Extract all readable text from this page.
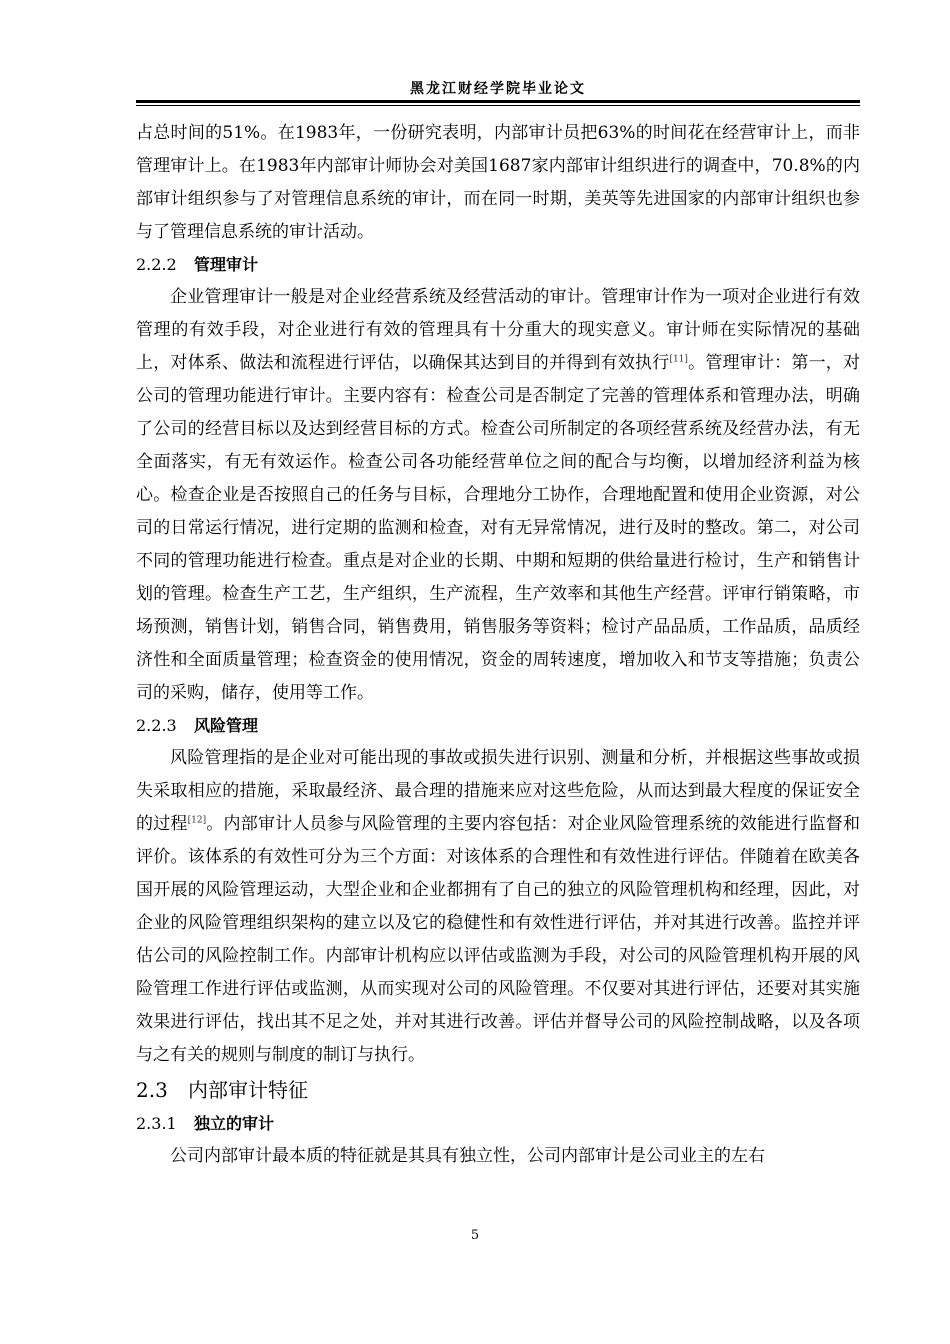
黑龙江财经学院毕业论文

占总时间的51%。在1983年，一份研究表明，内部审计员把63%的时间花在经营审计上，而非管理审计上。在1983年内部审计师协会对美国1687家内部审计组织进行的调查中，70.8%的内部审计组织参与了对管理信息系统的审计，而在同一时期，美英等先进国家的内部审计组织也参与了管理信息系统的审计活动。

2.2.2 管理审计

企业管理审计一般是对企业经营系统及经营活动的审计。管理审计作为一项对企业进行有效管理的有效手段，对企业进行有效的管理具有十分重大的现实意义。审计师在实际情况的基础上，对体系、做法和流程进行评估，以确保其达到目的并得到有效执行[11]。管理审计：第一，对公司的管理功能进行审计。主要内容有：检查公司是否制定了完善的管理体系和管理办法，明确了公司的经营目标以及达到经营目标的方式。检查公司所制定的各项经营系统及经营办法，有无全面落实，有无有效运作。检查公司各功能经营单位之间的配合与均衡，以增加经济利益为核心。检查企业是否按照自己的任务与目标，合理地分工协作，合理地配置和使用企业资源，对公司的日常运行情况，进行定期的监测和检查，对有无异常情况，进行及时的整改。第二，对公司不同的管理功能进行检查。重点是对企业的长期、中期和短期的供给量进行检讨，生产和销售计划的管理。检查生产工艺，生产组织，生产流程，生产效率和其他生产经营。评审行销策略，市场预测，销售计划，销售合同，销售费用，销售服务等资料；检讨产品品质，工作品质，品质经济性和全面质量管理；检查资金的使用情况，资金的周转速度，增加收入和节支等措施；负责公司的采购，储存，使用等工作。

2.2.3 风险管理

风险管理指的是企业对可能出现的事故或损失进行识别、测量和分析，并根据这些事故或损失采取相应的措施，采取最经济、最合理的措施来应对这些危险，从而达到最大程度的保证安全的过程[12]。内部审计人员参与风险管理的主要内容包括：对企业风险管理系统的效能进行监督和评价。该体系的有效性可分为三个方面：对该体系的合理性和有效性进行评估。伴随着在欧美各国开展的风险管理运动，大型企业和企业都拥有了自己的独立的风险管理机构和经理，因此，对企业的风险管理组织架构的建立以及它的稳健性和有效性进行评估，并对其进行改善。监控并评估公司的风险控制工作。内部审计机构应以评估或监测为手段，对公司的风险管理机构开展的风险管理工作进行评估或监测，从而实现对公司的风险管理。不仅要对其进行评估，还要对其实施效果进行评估，找出其不足之处，并对其进行改善。评估并督导公司的风险控制战略，以及各项与之有关的规则与制度的制订与执行。

2.3 内部审计特征
2.3.1 独立的审计

公司内部审计最本质的特征就是其具有独立性，公司内部审计是公司业主的左右

5
